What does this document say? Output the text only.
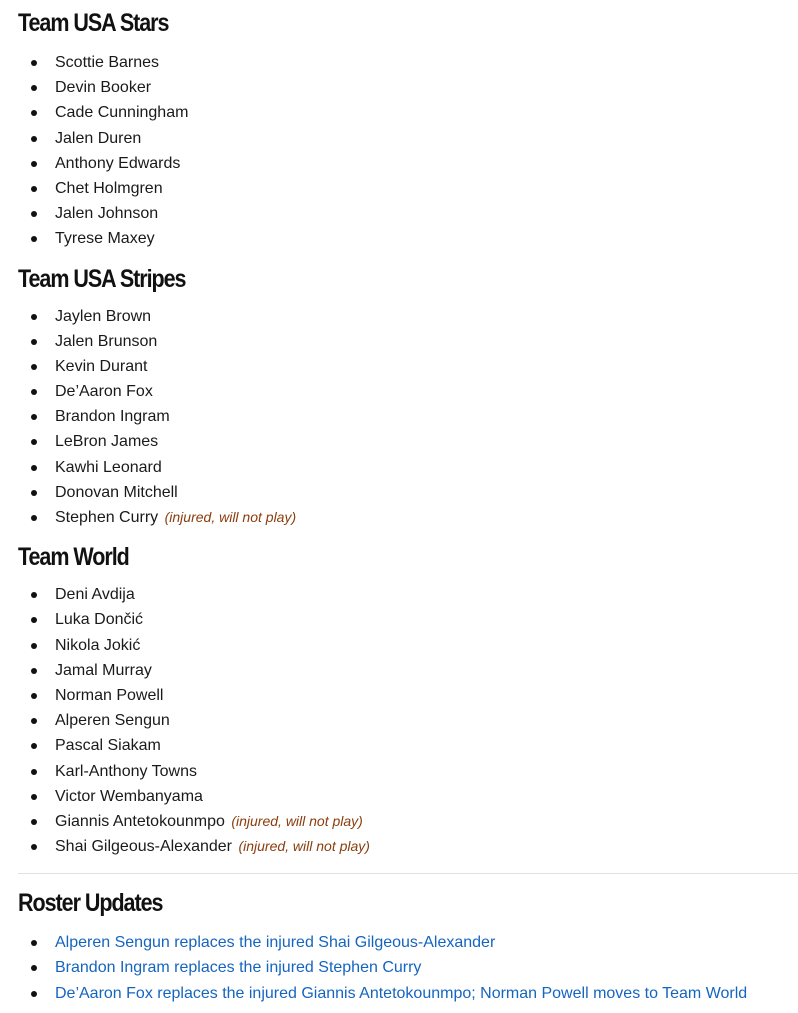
Team USA Stars
Scottie Barnes
Devin Booker
Cade Cunningham
Jalen Duren
Anthony Edwards
Chet Holmgren
Jalen Johnson
Tyrese Maxey
Team USA Stripes
Jaylen Brown
Jalen Brunson
Kevin Durant
De’Aaron Fox
Brandon Ingram
LeBron James
Kawhi Leonard
Donovan Mitchell
Stephen Curry (injured, will not play)
Team World
Deni Avdija
Luka Dončić
Nikola Jokić
Jamal Murray
Norman Powell
Alperen Sengun
Pascal Siakam
Karl-Anthony Towns
Victor Wembanyama
Giannis Antetokounmpo (injured, will not play)
Shai Gilgeous-Alexander (injured, will not play)
Roster Updates
Alperen Sengun replaces the injured Shai Gilgeous-Alexander
Brandon Ingram replaces the injured Stephen Curry
De’Aaron Fox replaces the injured Giannis Antetokounmpo; Norman Powell moves to Team World
